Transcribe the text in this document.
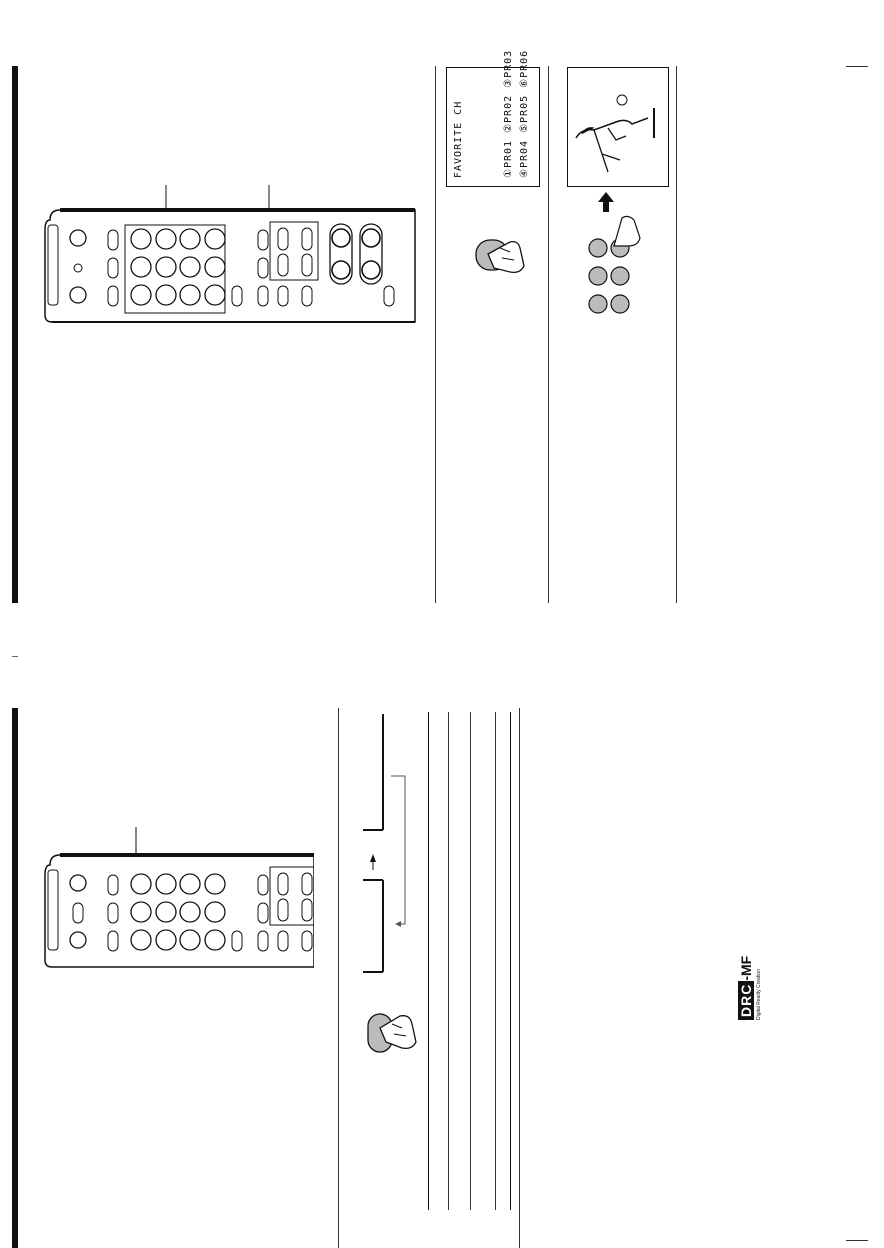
FAVORITE CH	①PR01 ②PR02 ③PR03 ④PR04 ⑤PR05 ⑥PR06
DRC-MF
Digital Reality Creation
